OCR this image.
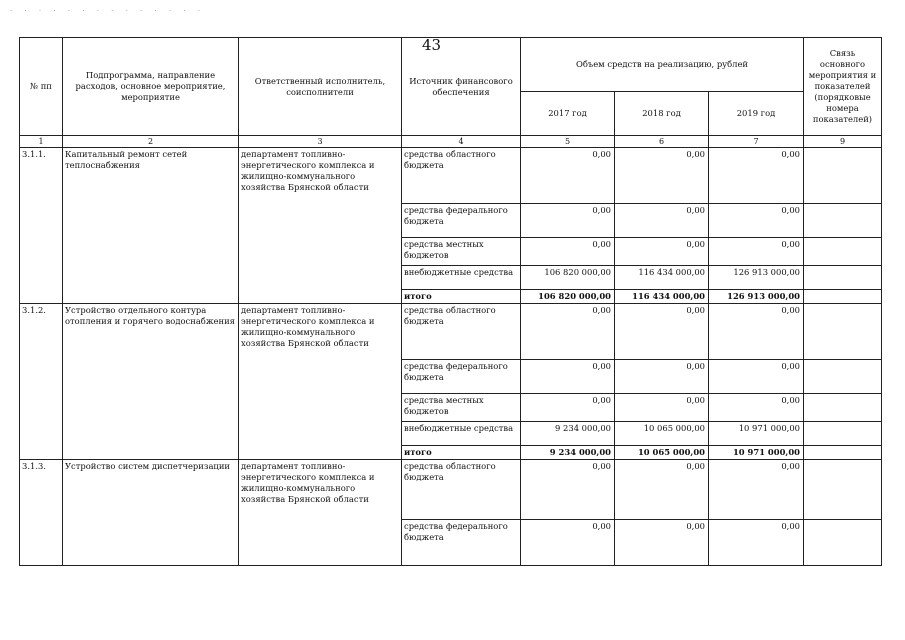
. . . . . . . . . . . . . .
43
№ пп	Подпрограмма, направление расходов, основное мероприятие, мероприятие	Ответственный исполнитель, соисполнители	Источник финансового обеспечения	Объем средств на реализацию, рублей			Связь основного мероприятия и показателей (порядковые номера показателей)
				2017 год	2018 год	2019 год	
1	2	3	4	5	6	7	9
3.1.1.	Капитальный ремонт сетей теплоснабжения	департамент топливно-энергетического комплекса и жилищно-коммунального хозяйства Брянской области	средства областного бюджета	0,00	0,00	0,00	
			средства федерального бюджета	0,00	0,00	0,00	
			средства местных бюджетов	0,00	0,00	0,00	
			внебюджетные средства	106 820 000,00	116 434 000,00	126 913 000,00	
			итого	106 820 000,00	116 434 000,00	126 913 000,00	
3.1.2.	Устройство отдельного контура отопления и горячего водоснабжения	департамент топливно-энергетического комплекса и жилищно-коммунального хозяйства Брянской области	средства областного бюджета	0,00	0,00	0,00	
			средства федерального бюджета	0,00	0,00	0,00	
			средства местных бюджетов	0,00	0,00	0,00	
			внебюджетные средства	9 234 000,00	10 065 000,00	10 971 000,00	
			итого	9 234 000,00	10 065 000,00	10 971 000,00	
3.1.3.	Устройство систем диспетчеризации	департамент топливно-энергетического комплекса и жилищно-коммунального хозяйства Брянской области	средства областного бюджета	0,00	0,00	0,00	
			средства федерального бюджета	0,00	0,00	0,00	
